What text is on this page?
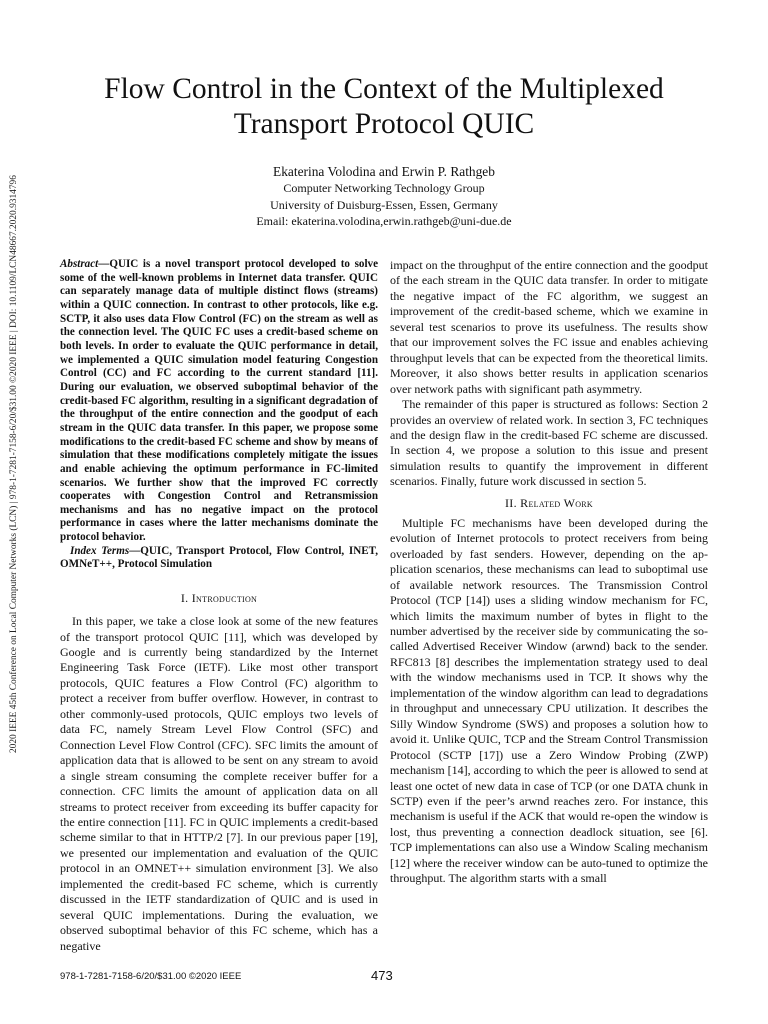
2020 IEEE 45th Conference on Local Computer Networks (LCN) | 978-1-7281-7158-6/20/$31.00 ©2020 IEEE | DOI: 10.1109/LCN48667.2020.9314796
Flow Control in the Context of the Multiplexed
Transport Protocol QUIC
Ekaterina Volodina and Erwin P. Rathgeb
Computer Networking Technology Group
University of Duisburg-Essen, Essen, Germany
Email: ekaterina.volodina,erwin.rathgeb@uni-due.de

Abstract—QUIC is a novel transport protocol developed to solve some of the well-known problems in Internet data transfer. QUIC can separately manage data of multiple distinct flows (streams) within a QUIC connection. In contrast to other protocols, like e.g. SCTP, it also uses data Flow Control (FC) on the stream as well as the connection level. The QUIC FC uses a credit-based scheme on both levels. In order to evaluate the QUIC performance in detail, we implemented a QUIC simulation model featuring Congestion Control (CC) and FC according to the current standard [11]. During our evaluation, we observed suboptimal behavior of the credit-based FC algorithm, resulting in a significant degradation of the throughput of the entire connection and the goodput of each stream in the QUIC data transfer. In this paper, we propose some modifications to the credit-based FC scheme and show by means of simulation that these modifications completely mitigate the issues and enable achieving the optimum performance in FC-limited scenarios. We further show that the improved FC correctly cooperates with Congestion Control and Retransmission mechanisms and has no negative impact on the protocol performance in cases where the latter mechanisms dominate the protocol behavior.

Index Terms—QUIC, Transport Protocol, Flow Control, INET, OMNeT++, Protocol Simulation

I. Introduction

In this paper, we take a close look at some of the new features of the transport protocol QUIC [11], which was developed by Google and is currently being standardized by the Internet Engineering Task Force (IETF). Like most other transport protocols, QUIC features a Flow Control (FC) algorithm to protect a receiver from buffer overflow. However, in contrast to other commonly-used protocols, QUIC employs two levels of data FC, namely Stream Level Flow Control (SFC) and Connection Level Flow Control (CFC). SFC limits the amount of application data that is allowed to be sent on any stream to avoid a single stream consuming the complete receiver buffer for a connection. CFC limits the amount of application data on all streams to protect receiver from exceeding its buffer capacity for the entire connection [11]. FC in QUIC implements a credit-based scheme similar to that in HTTP/2 [7]. In our previous paper [19], we presented our implementation and evaluation of the QUIC protocol in an OMNET++ simulation environment [3]. We also implemented the credit-based FC scheme, which is currently discussed in the IETF standardization of QUIC and is used in several QUIC implementations. During the evaluation, we observed suboptimal behavior of this FC scheme, which has a negative

impact on the throughput of the entire connection and the goodput of the each stream in the QUIC data transfer. In order to mitigate the negative impact of the FC algorithm, we suggest an improvement of the credit-based scheme, which we examine in several test scenarios to prove its usefulness. The results show that our improvement solves the FC issue and enables achieving throughput levels that can be expected from the theoretical limits. Moreover, it also shows better results in application scenarios over network paths with significant path asymmetry.

The remainder of this paper is structured as follows: Section 2 provides an overview of related work. In section 3, FC techniques and the design flaw in the credit-based FC scheme are discussed. In section 4, we propose a solution to this issue and present simulation results to quantify the improvement in different scenarios. Finally, future work discussed in section 5.

II. Related Work

Multiple FC mechanisms have been developed during the evolution of Internet protocols to protect receivers from being overloaded by fast senders. However, depending on the application scenarios, these mechanisms can lead to suboptimal use of available network resources. The Transmission Control Protocol (TCP [14]) uses a sliding window mechanism for FC, which limits the maximum number of bytes in flight to the number advertised by the receiver side by communicating the so-called Advertised Receiver Window (arwnd) back to the sender. RFC813 [8] describes the implementation strategy used to deal with the window mechanisms used in TCP. It shows why the implementation of the window algorithm can lead to degradations in throughput and unnecessary CPU utilization. It describes the Silly Window Syndrome (SWS) and proposes a solution how to avoid it. Unlike QUIC, TCP and the Stream Control Transmission Protocol (SCTP [17]) use a Zero Window Probing (ZWP) mechanism [14], according to which the peer is allowed to send at least one octet of new data in case of TCP (or one DATA chunk in SCTP) even if the peer’s arwnd reaches zero. For instance, this mechanism is useful if the ACK that would re-open the window is lost, thus preventing a connection deadlock situation, see [6]. TCP implementations can also use a Window Scaling mechanism [12] where the receiver window can be auto-tuned to optimize the throughput. The algorithm starts with a small

978-1-7281-7158-6/20/$31.00 ©2020 IEEE	473
